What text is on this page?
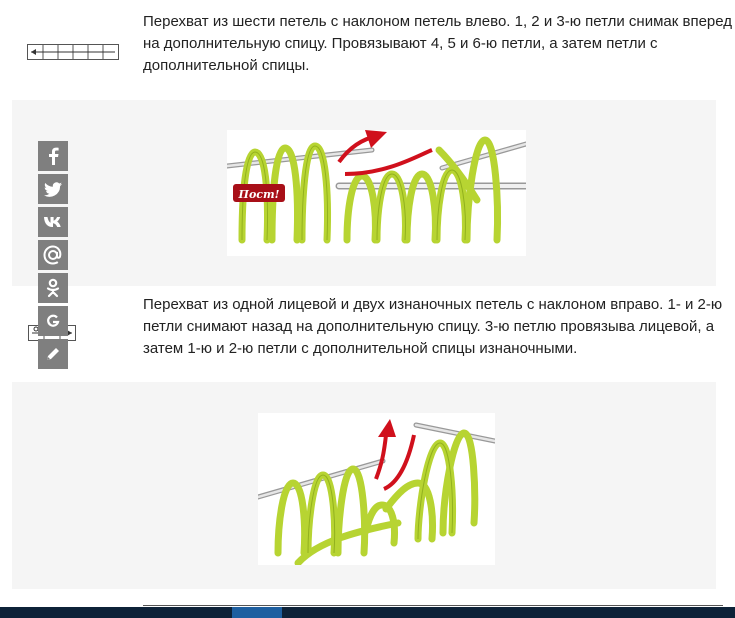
Перехват из шести петель с наклоном петель влево. 1, 2 и 3-ю петли снимак вперед на дополнительную спицу. Провязывают 4, 5 и 6-ю петли, а затем петли с дополнительной спицы.
Пост!
Перехват из одной лицевой и двух изнаночных петель с наклоном вправо. 1- и 2-ю петли снимают назад на дополнительную спицу. 3-ю петлю провязыва лицевой, а затем 1-ю и 2-ю петли с дополнительной спицы изнаночными.
